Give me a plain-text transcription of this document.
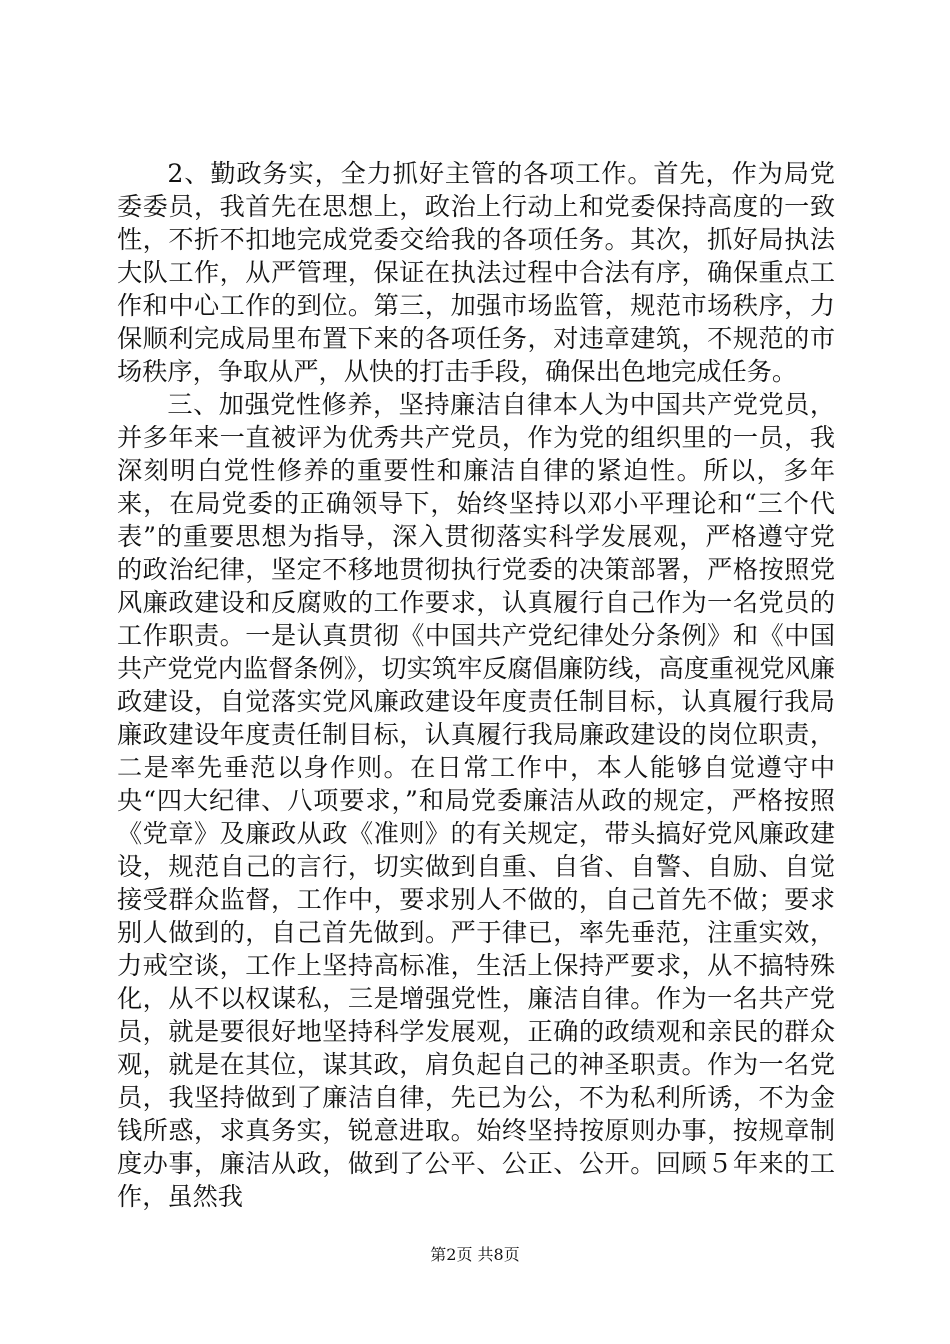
2、勤政务实，全力抓好主管的各项工作。首先，作为局党委委员，我首先在思想上，政治上行动上和党委保持高度的一致性，不折不扣地完成党委交给我的各项任务。其次，抓好局执法大队工作，从严管理，保证在执法过程中合法有序，确保重点工作和中心工作的到位。第三，加强市场监管，规范市场秩序，力保顺利完成局里布置下来的各项任务，对违章建筑，不规范的市场秩序，争取从严，从快的打击手段，确保出色地完成任务。

三、加强党性修养，坚持廉洁自律本人为中国共产党党员，并多年来一直被评为优秀共产党员，作为党的组织里的一员，我深刻明白党性修养的重要性和廉洁自律的紧迫性。所以，多年来，在局党委的正确领导下，始终坚持以邓小平理论和“三个代表”的重要思想为指导，深入贯彻落实科学发展观，严格遵守党的政治纪律，坚定不移地贯彻执行党委的决策部署，严格按照党风廉政建设和反腐败的工作要求，认真履行自己作为一名党员的工作职责。一是认真贯彻《中国共产党纪律处分条例》和《中国共产党党内监督条例》，切实筑牢反腐倡廉防线，高度重视党风廉政建设，自觉落实党风廉政建设年度责任制目标，认真履行我局廉政建设年度责任制目标，认真履行我局廉政建设的岗位职责，二是率先垂范以身作则。在日常工作中，本人能够自觉遵守中央“四大纪律、八项要求，”和局党委廉洁从政的规定，严格按照《党章》及廉政从政《准则》的有关规定，带头搞好党风廉政建设，规范自己的言行，切实做到自重、自省、自警、自励、自觉接受群众监督，工作中，要求别人不做的，自己首先不做；要求别人做到的，自己首先做到。严于律已，率先垂范，注重实效，力戒空谈，工作上坚持高标准，生活上保持严要求，从不搞特殊化，从不以权谋私，三是增强党性，廉洁自律。作为一名共产党员，就是要很好地坚持科学发展观，正确的政绩观和亲民的群众观，就是在其位，谋其政，肩负起自己的神圣职责。作为一名党员，我坚持做到了廉洁自律，先已为公，不为私利所诱，不为金钱所惑，求真务实，锐意进取。始终坚持按原则办事，按规章制度办事，廉洁从政，做到了公平、公正、公开。回顾５年来的工作，虽然我

第2页 共8页
